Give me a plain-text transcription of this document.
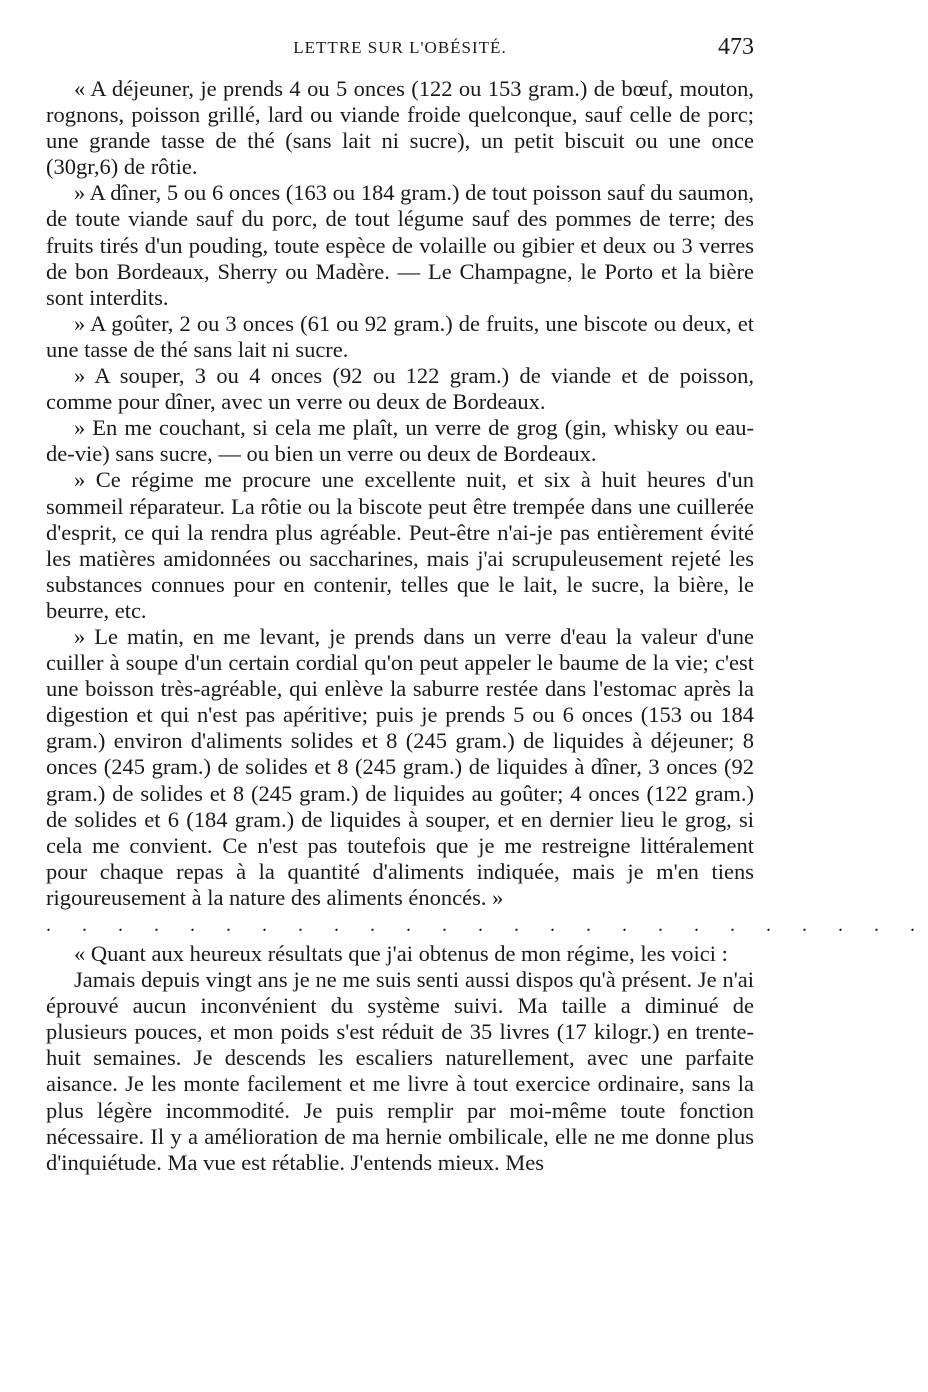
LETTRE SUR L'OBÉSITÉ.	473

« A déjeuner, je prends 4 ou 5 onces (122 ou 153 gram.) de bœuf, mouton, rognons, poisson grillé, lard ou viande froide quelconque, sauf celle de porc; une grande tasse de thé (sans lait ni sucre), un petit biscuit ou une once (30gr,6) de rôtie.

» A dîner, 5 ou 6 onces (163 ou 184 gram.) de tout poisson sauf du saumon, de toute viande sauf du porc, de tout légume sauf des pommes de terre; des fruits tirés d'un pouding, toute espèce de volaille ou gibier et deux ou 3 verres de bon Bordeaux, Sherry ou Madère. — Le Champagne, le Porto et la bière sont interdits.

» A goûter, 2 ou 3 onces (61 ou 92 gram.) de fruits, une biscote ou deux, et une tasse de thé sans lait ni sucre.

» A souper, 3 ou 4 onces (92 ou 122 gram.) de viande et de poisson, comme pour dîner, avec un verre ou deux de Bordeaux.

» En me couchant, si cela me plaît, un verre de grog (gin, whisky ou eau-de-vie) sans sucre, — ou bien un verre ou deux de Bordeaux.

» Ce régime me procure une excellente nuit, et six à huit heures d'un sommeil réparateur. La rôtie ou la biscote peut être trempée dans une cuillerée d'esprit, ce qui la rendra plus agréable. Peut-être n'ai-je pas entièrement évité les matières amidonnées ou saccharines, mais j'ai scrupuleusement rejeté les substances connues pour en contenir, telles que le lait, le sucre, la bière, le beurre, etc.

» Le matin, en me levant, je prends dans un verre d'eau la valeur d'une cuiller à soupe d'un certain cordial qu'on peut appeler le baume de la vie; c'est une boisson très-agréable, qui enlève la saburre restée dans l'estomac après la digestion et qui n'est pas apéritive; puis je prends 5 ou 6 onces (153 ou 184 gram.) environ d'aliments solides et 8 (245 gram.) de liquides à déjeuner; 8 onces (245 gram.) de solides et 8 (245 gram.) de liquides à dîner, 3 onces (92 gram.) de solides et 8 (245 gram.) de liquides au goûter; 4 onces (122 gram.) de solides et 6 (184 gram.) de liquides à souper, et en dernier lieu le grog, si cela me convient. Ce n'est pas toutefois que je me restreigne littéralement pour chaque repas à la quantité d'aliments indiquée, mais je m'en tiens rigoureusement à la nature des aliments énoncés. »

. . . . . . . . . . . . . . . . . . . . . . . . .

« Quant aux heureux résultats que j'ai obtenus de mon régime, les voici :

Jamais depuis vingt ans je ne me suis senti aussi dispos qu'à présent. Je n'ai éprouvé aucun inconvénient du système suivi. Ma taille a diminué de plusieurs pouces, et mon poids s'est réduit de 35 livres (17 kilogr.) en trente-huit semaines. Je descends les escaliers naturellement, avec une parfaite aisance. Je les monte facilement et me livre à tout exercice ordinaire, sans la plus légère incommodité. Je puis remplir par moi-même toute fonction nécessaire. Il y a amélioration de ma hernie ombilicale, elle ne me donne plus d'inquiétude. Ma vue est rétablie. J'entends mieux. Mes
